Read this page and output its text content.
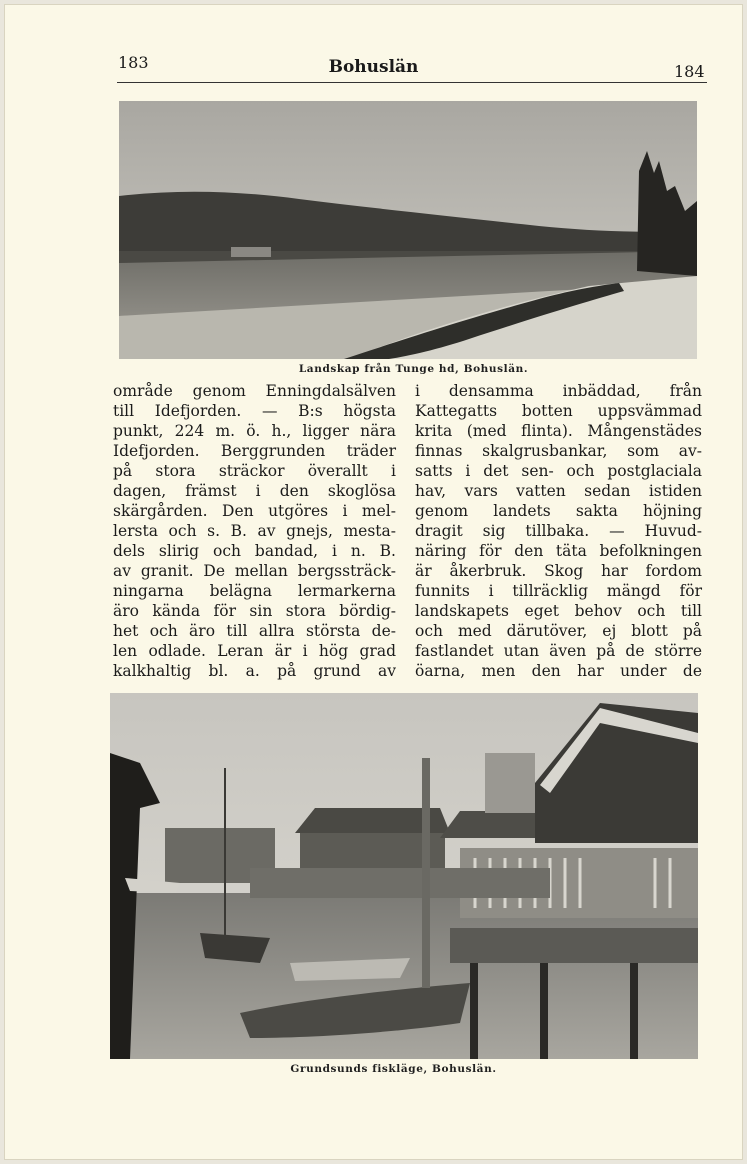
183	Bohuslän	184
Landskap från Tunge hd, Bohuslän.
område genom Enningdalsälven
till Idefjorden. — B:s högsta
punkt, 224 m. ö. h., ligger nära
Idefjorden. Berggrunden träder
på stora sträckor överallt i
dagen, främst i den skoglösa
skärgården. Den utgöres i mel-
lersta och s. B. av gnejs, mesta-
dels slirig och bandad, i n. B.
av granit. De mellan bergssträck-
ningarna belägna lermarkerna
äro kända för sin stora bördig-
het och äro till allra största de-
len odlade. Leran är i hög grad
kalkhaltig bl. a. på grund av
i densamma inbäddad, från
Kattegatts botten uppsvämmad
krita (med flinta). Mångenstädes
finnas skalgrusbankar, som av-
satts i det sen- och postglaciala
hav, vars vatten sedan istiden
genom landets sakta höjning
dragit sig tillbaka. — Huvud-
näring för den täta befolkningen
är åkerbruk. Skog har fordom
funnits i tillräcklig mängd för
landskapets eget behov och till
och med därutöver, ej blott på
fastlandet utan även på de större
öarna, men den har under de
Grundsunds fiskläge, Bohuslän.
